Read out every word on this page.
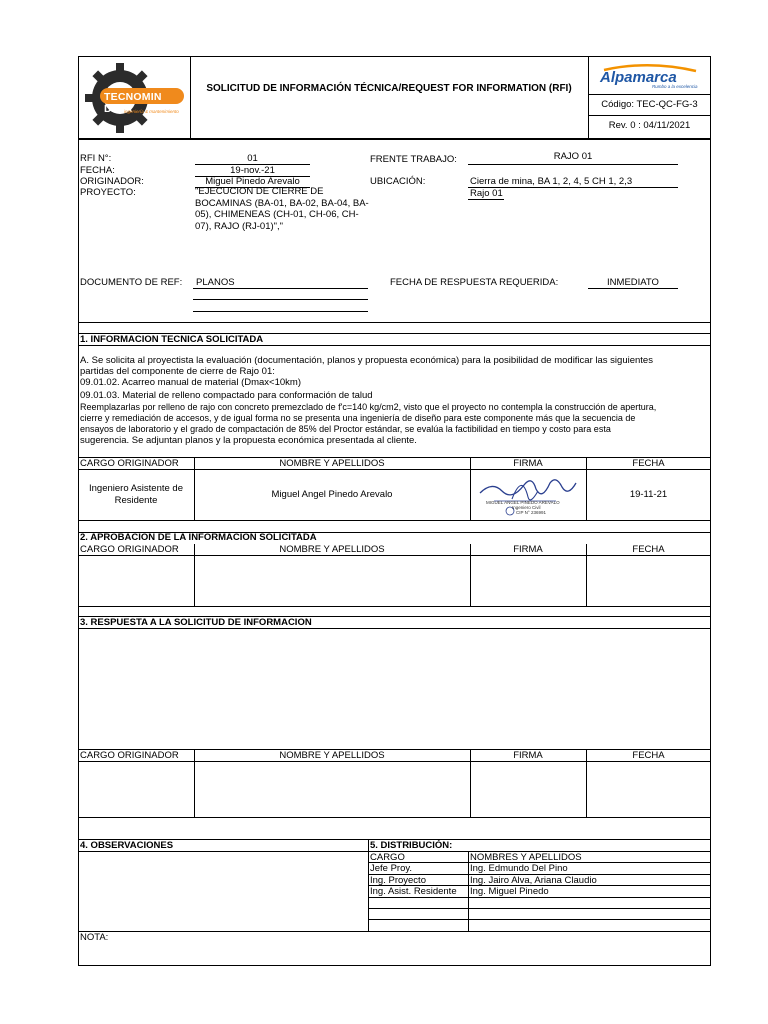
TECNOMIN DATA
ingeniería & mantenimiento
SOLICITUD DE INFORMACIÓN TÉCNICA/REQUEST FOR INFORMATION (RFI)
Alpamarca
Rumbo a la excelencia
Código: TEC-QC-FG-3
Rev. 0 : 04/11/2021
RFI N°:	01
FECHA:	19-nov.-21
ORIGINADOR:	Miguel Pinedo Arevalo
PROYECTO:	"EJECUCION DE CIERRE DE BOCAMINAS (BA-01, BA-02, BA-04, BA-05), CHIMENEAS (CH-01, CH-06, CH-07), RAJO (RJ-01)","
FRENTE TRABAJO:	RAJO 01
UBICACIÓN:	Cierra de mina, BA 1, 2, 4, 5 CH 1, 2,3
Rajo 01
DOCUMENTO DE REF: PLANOS	FECHA DE RESPUESTA REQUERIDA:	INMEDIATO
1. INFORMACION TECNICA SOLICITADA
A. Se solicita al proyectista la evaluación (documentación, planos y propuesta económica) para la posibilidad de modificar las siguientes
partidas del componente de cierre de Rajo 01:
09.01.02. Acarreo manual de material (Dmax<10km)
09.01.03. Material de relleno compactado para conformación de talud
Reemplazarlas por relleno de rajo con concreto premezclado de f'c=140 kg/cm2, visto que el proyecto no contempla la construcción de apertura,
cierre y remediación de accesos, y de igual forma no se presenta una ingeniería de diseño para este componente más que la secuencia de
ensayos de laboratorio y el grado de compactación de 85% del Proctor estándar, se evalúa la factibilidad en tiempo y costo para esta
sugerencia. Se adjuntan planos y la propuesta económica presentada al cliente.
CARGO ORIGINADOR	NOMBRE Y APELLIDOS	FIRMA	FECHA
Ingeniero Asistente de Residente	Miguel Angel Pinedo Arevalo
MIGUEL ANGEL PINEDO AREVALO
Ingeniero Civil
CIP N° 236991
19-11-21
2. APROBACION DE LA INFORMACION SOLICITADA
CARGO ORIGINADOR	NOMBRE Y APELLIDOS	FIRMA	FECHA
3. RESPUESTA A LA SOLICITUD DE INFORMACION
CARGO ORIGINADOR	NOMBRE Y APELLIDOS	FIRMA	FECHA
4. OBSERVACIONES	5. DISTRIBUCIÓN:
CARGO	NOMBRES Y APELLIDOS
Jefe Proy.	Ing. Edmundo Del Pino
Ing. Proyecto	Ing. Jairo Alva, Ariana Claudio
Ing. Asist. Residente Ing. Miguel Pinedo
NOTA:
